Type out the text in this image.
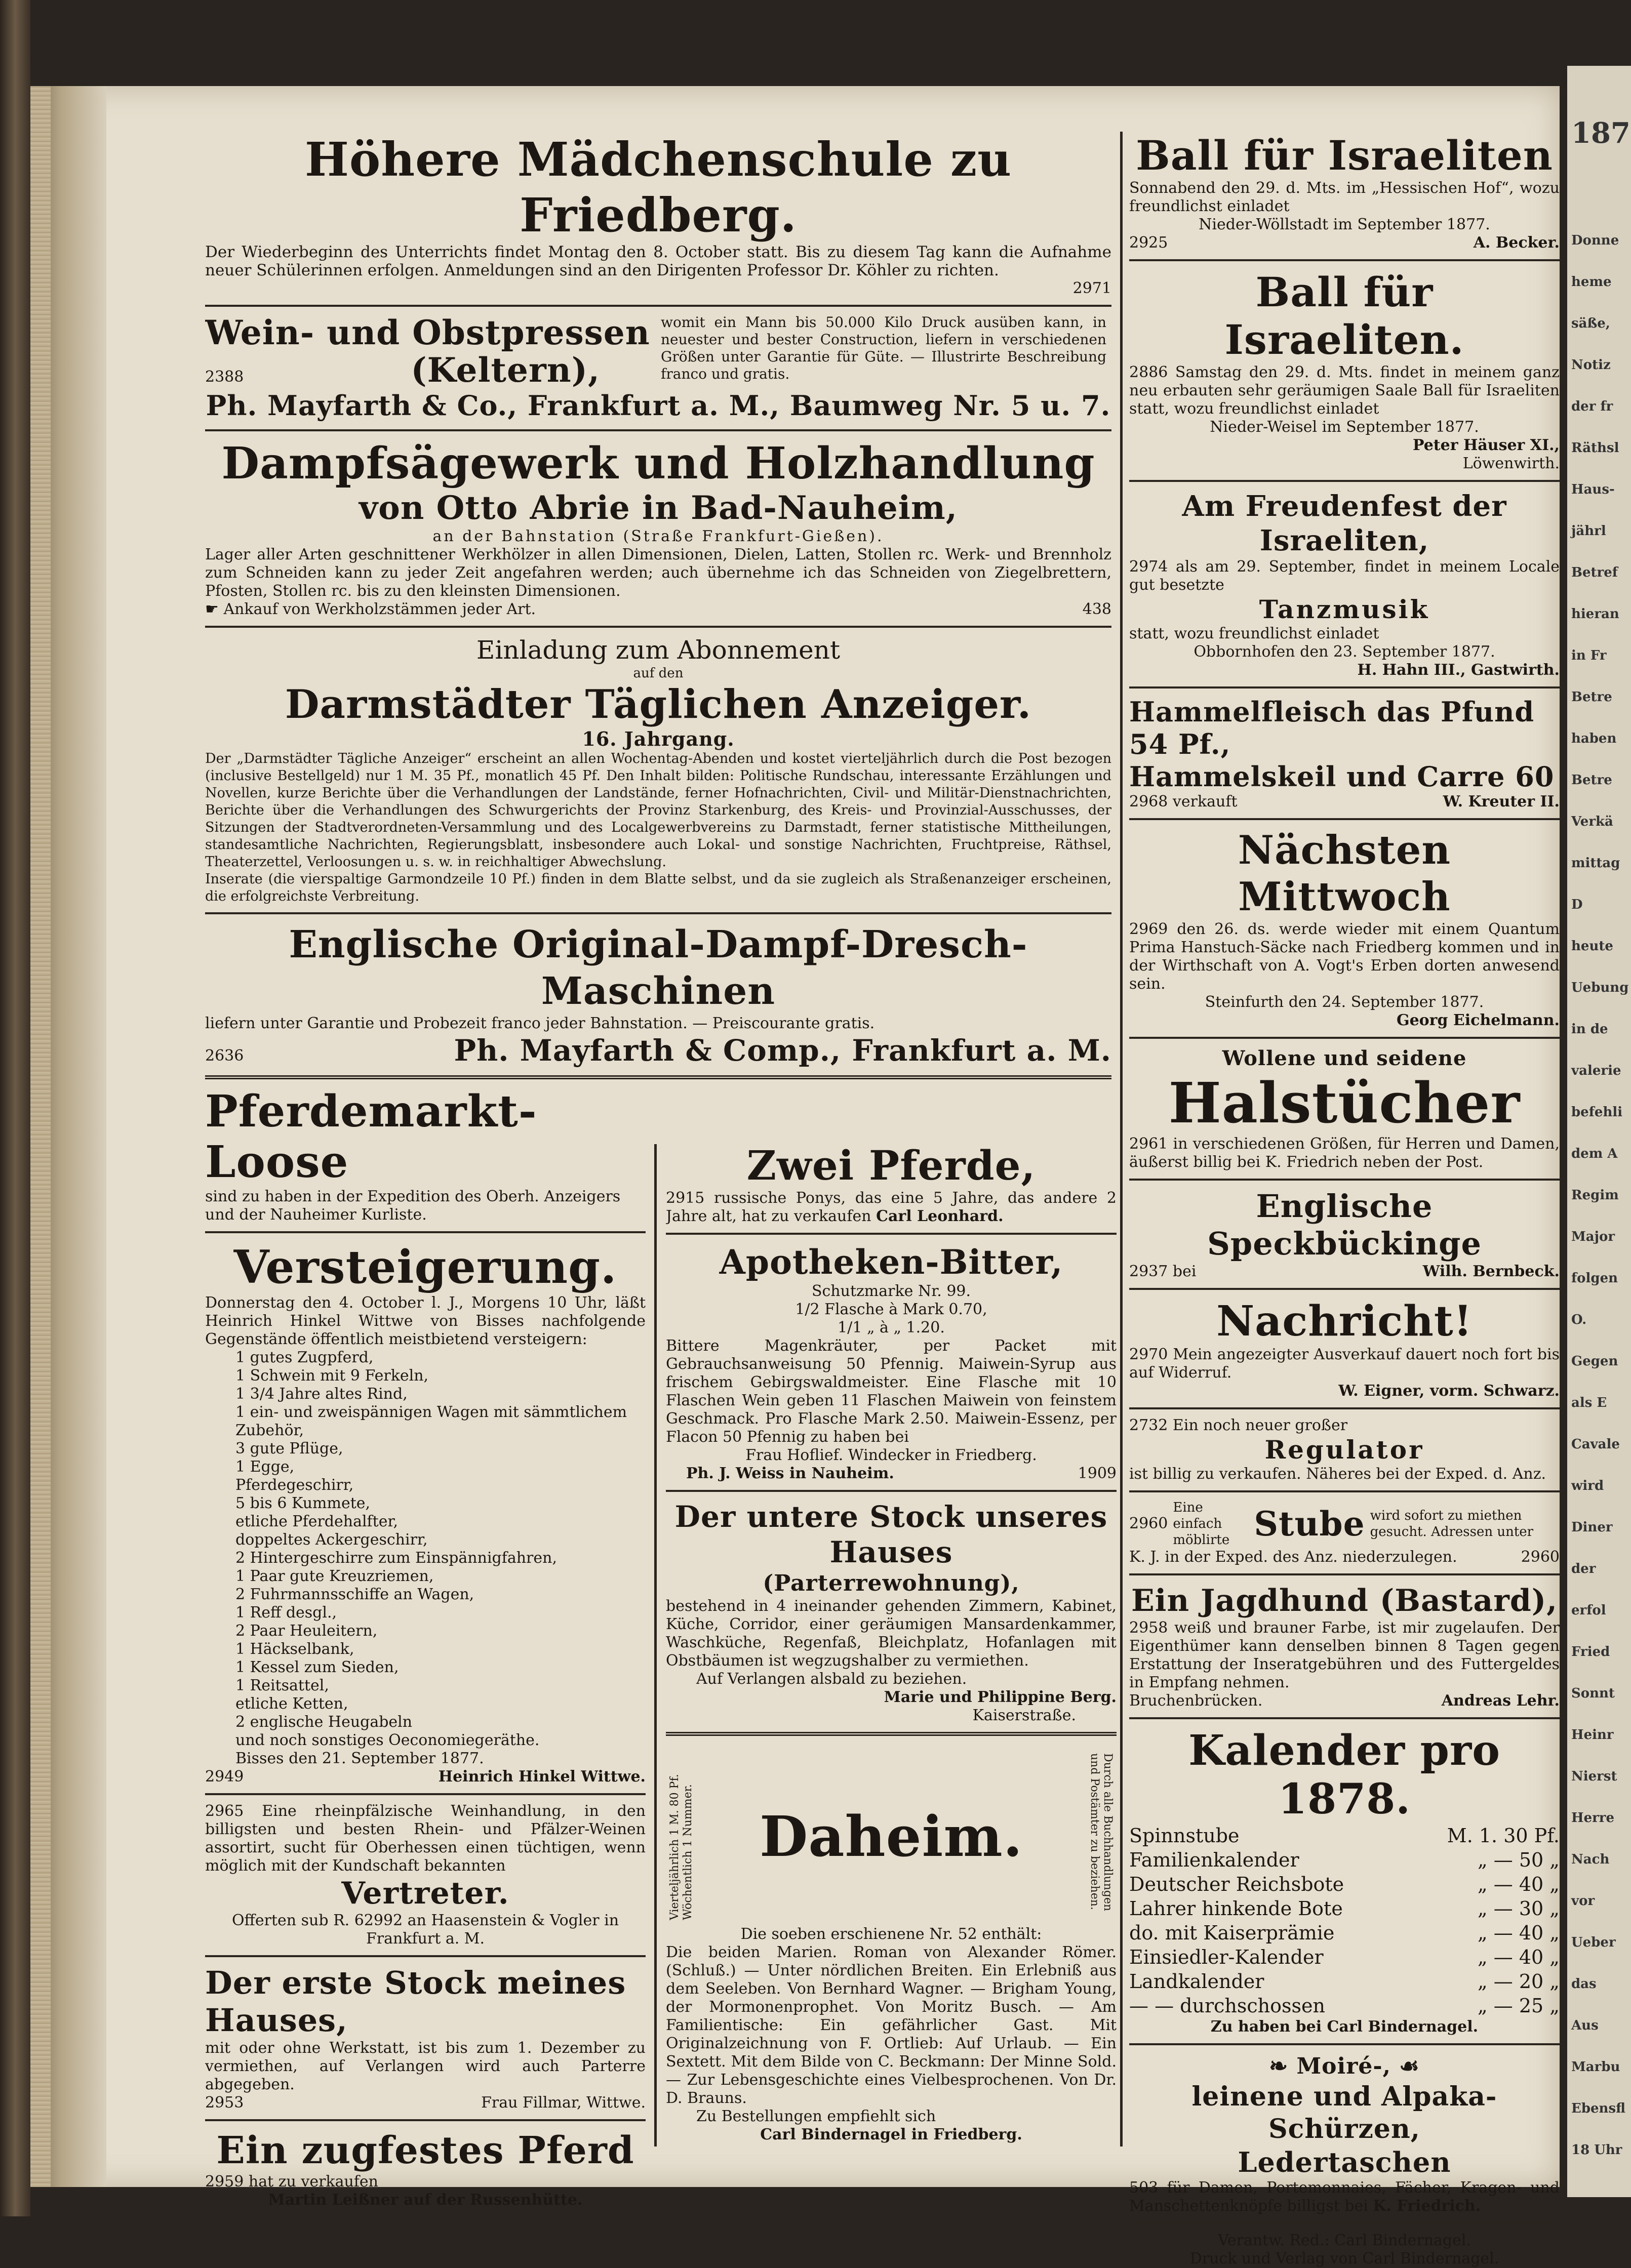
187
Donne
heme
säße,
Notiz
der fr
Räthsl
Haus-
jährl
Betref
hieran
in Fr
Betre
haben
Betre
Verkä
mittag
D
heute
Uebung
in de
valerie
befehli
dem A
Regim
Major
folgen
O.
Gegen
als E
Cavale
wird
Diner
der
erfol
Fried
Sonnt
Heinr
Nierst
Herre
Nach
vor
Ueber
das
Aus
Marbu
Ebensfl
18 Uhr
Höhere Mädchenschule zu Friedberg.
Der Wiederbeginn des Unterrichts findet Montag den 8. October statt. Bis zu diesem Tag kann die Aufnahme neuer Schülerinnen erfolgen. Anmeldungen sind an den Dirigenten Professor Dr. Köhler zu richten.
2971
Wein- und Obstpressen
2388	(Keltern),
womit ein Mann bis 50.000 Kilo Druck ausüben kann, in neuester und bester Construction, liefern in verschiedenen Größen unter Garantie für Güte. — Illustrirte Beschreibung franco und gratis.
Ph. Mayfarth & Co., Frankfurt a. M., Baumweg Nr. 5 u. 7.
Dampfsägewerk und Holzhandlung
von Otto Abrie in Bad-Nauheim,
an der Bahnstation (Straße Frankfurt-Gießen).
Lager aller Arten geschnittener Werkhölzer in allen Dimensionen, Dielen, Latten, Stollen rc. Werk- und Brennholz zum Schneiden kann zu jeder Zeit angefahren werden; auch übernehme ich das Schneiden von Ziegelbrettern, Pfosten, Stollen rc. bis zu den kleinsten Dimensionen.
☛ Ankauf von Werkholzstämmen jeder Art.	438
Einladung zum Abonnement
auf den
Darmstädter Täglichen Anzeiger.
16. Jahrgang.
Der „Darmstädter Tägliche Anzeiger“ erscheint an allen Wochentag-Abenden und kostet vierteljährlich durch die Post bezogen (inclusive Bestellgeld) nur 1 M. 35 Pf., monatlich 45 Pf. Den Inhalt bilden: Politische Rundschau, interessante Erzählungen und Novellen, kurze Berichte über die Verhandlungen der Landstände, ferner Hofnachrichten, Civil- und Militär-Dienstnachrichten, Berichte über die Verhandlungen des Schwurgerichts der Provinz Starkenburg, des Kreis- und Provinzial-Ausschusses, der Sitzungen der Stadtverordneten-Versammlung und des Localgewerbvereins zu Darmstadt, ferner statistische Mittheilungen, standesamtliche Nachrichten, Regierungsblatt, insbesondere auch Lokal- und sonstige Nachrichten, Fruchtpreise, Räthsel, Theaterzettel, Verloosungen u. s. w. in reichhaltiger Abwechslung.
Inserate (die vierspaltige Garmondzeile 10 Pf.) finden in dem Blatte selbst, und da sie zugleich als Straßenanzeiger erscheinen, die erfolgreichste Verbreitung.
Englische Original-Dampf-Dresch-Maschinen
liefern unter Garantie und Probezeit franco jeder Bahnstation. — Preiscourante gratis.
2636	Ph. Mayfarth & Comp., Frankfurt a. M.
Pferdemarkt-Loose
sind zu haben in der Expedition des Oberh. Anzeigers und der Nauheimer Kurliste.
Versteigerung.
Donnerstag den 4. October l. J., Morgens 10 Uhr, läßt Heinrich Hinkel Wittwe von Bisses nachfolgende Gegenstände öffentlich meistbietend versteigern:
1 gutes Zugpferd,
1 Schwein mit 9 Ferkeln,
1 3/4 Jahre altes Rind,
1 ein- und zweispännigen Wagen mit sämmtlichem
Zubehör,
3 gute Pflüge,
1 Egge,
Pferdegeschirr,
5 bis 6 Kummete,
etliche Pferdehalfter,
doppeltes Ackergeschirr,
2 Hintergeschirre zum Einspännigfahren,
1 Paar gute Kreuzriemen,
2 Fuhrmannsschiffe an Wagen,
1 Reff desgl.,
2 Paar Heuleitern,
1 Häckselbank,
1 Kessel zum Sieden,
1 Reitsattel,
etliche Ketten,
2 englische Heugabeln
und noch sonstiges Oeconomiegeräthe.
Bisses den 21. September 1877.
2949	Heinrich Hinkel Wittwe.
2965 Eine rheinpfälzische Weinhandlung, in den billigsten und besten Rhein- und Pfälzer-Weinen assortirt, sucht für Oberhessen einen tüchtigen, wenn möglich mit der Kundschaft bekannten
Vertreter.
Offerten sub R. 62992 an Haasenstein & Vogler in Frankfurt a. M.
Der erste Stock meines Hauses,
mit oder ohne Werkstatt, ist bis zum 1. Dezember zu vermiethen, auf Verlangen wird auch Parterre abgegeben.
2953	Frau Fillmar, Wittwe.
Ein zugfestes Pferd
2959 hat zu verkaufen
Martin Leißner auf der Russenhütte.
Zwei Pferde,
2915 russische Ponys, das eine 5 Jahre, das andere 2 Jahre alt, hat zu verkaufen Carl Leonhard.
Apotheken-Bitter,
Schutzmarke Nr. 99.
1/2 Flasche à Mark 0.70,
1/1 „ à „ 1.20.
Bittere Magenkräuter, per Packet mit Gebrauchsanweisung 50 Pfennig. Maiwein-Syrup aus frischem Gebirgswaldmeister. Eine Flasche mit 10 Flaschen Wein geben 11 Flaschen Maiwein von feinstem Geschmack. Pro Flasche Mark 2.50. Maiwein-Essenz, per Flacon 50 Pfennig zu haben bei
Frau Hoflief. Windecker in Friedberg.
Ph. J. Weiss in Nauheim.	1909
Der untere Stock unseres Hauses
(Parterrewohnung),
bestehend in 4 ineinander gehenden Zimmern, Kabinet, Küche, Corridor, einer geräumigen Mansardenkammer, Waschküche, Regenfaß, Bleichplatz, Hofanlagen mit Obstbäumen ist wegzugshalber zu vermiethen.
Auf Verlangen alsbald zu beziehen.
Marie und Philippine Berg.
Kaiserstraße.
Vierteljährlich 1 M. 80 Pf. Wöchentlich 1 Nummer.	Durch alle Buchhandlungen und Postämter zu beziehen.
Daheim.
Die soeben erschienene Nr. 52 enthält:
Die beiden Marien. Roman von Alexander Römer. (Schluß.) — Unter nördlichen Breiten. Ein Erlebniß aus dem Seeleben. Von Bernhard Wagner. — Brigham Young, der Mormonenprophet. Von Moritz Busch. — Am Familientische: Ein gefährlicher Gast. Mit Originalzeichnung von F. Ortlieb: Auf Urlaub. — Ein Sextett. Mit dem Bilde von C. Beckmann: Der Minne Sold. — Zur Lebensgeschichte eines Vielbesprochenen. Von Dr. D. Brauns.
Zu Bestellungen empfiehlt sich
Carl Bindernagel in Friedberg.
Ball für Israeliten
Sonnabend den 29. d. Mts. im „Hessischen Hof“, wozu freundlichst einladet
Nieder-Wöllstadt im September 1877.
2925	A. Becker.
Ball für Israeliten.
2886 Samstag den 29. d. Mts. findet in meinem ganz neu erbauten sehr geräumigen Saale Ball für Israeliten statt, wozu freundlichst einladet
Nieder-Weisel im September 1877.
Peter Häuser XI.,
Löwenwirth.
Am Freudenfest der Israeliten,
2974 als am 29. September, findet in meinem Locale gut besetzte
Tanzmusik
statt, wozu freundlichst einladet
Obbornhofen den 23. September 1877.
H. Hahn III., Gastwirth.
Hammelfleisch das Pfund 54 Pf.,
Hammelskeil und Carre 60
2968 verkauft	W. Kreuter II.
Nächsten Mittwoch
2969 den 26. ds. werde wieder mit einem Quantum Prima Hanstuch-Säcke nach Friedberg kommen und in der Wirthschaft von A. Vogt's Erben dorten anwesend sein.
Steinfurth den 24. September 1877.
Georg Eichelmann.
Wollene und seidene
Halstücher
2961 in verschiedenen Größen, für Herren und Damen, äußerst billig bei K. Friedrich neben der Post.
Englische Speckbückinge
2937 bei	Wilh. Bernbeck.
Nachricht!
2970 Mein angezeigter Ausverkauf dauert noch fort bis auf Widerruf.
W. Eigner, vorm. Schwarz.
2732 Ein noch neuer großer
Regulator
ist billig zu verkaufen. Näheres bei der Exped. d. Anz.
2960
Eine einfach möblirte Stube wird sofort zu miethen gesucht. Adressen unter
K. J. in der Exped. des Anz. niederzulegen.	2960
Ein Jagdhund (Bastard),
2958 weiß und brauner Farbe, ist mir zugelaufen. Der Eigenthümer kann denselben binnen 8 Tagen gegen Erstattung der Inseratgebühren und des Futtergeldes in Empfang nehmen.
Bruchenbrücken.	Andreas Lehr.
Kalender pro 1878.
Spinnstube	M. 1. 30 Pf.
Familienkalender	„ — 50 „
Deutscher Reichsbote	„ — 40 „
Lahrer hinkende Bote	„ — 30 „
do. mit Kaiserprämie	„ — 40 „
Einsiedler-Kalender	„ — 40 „
Landkalender	„ — 20 „
— — durchschossen	„ — 25 „
Zu haben bei Carl Bindernagel.
❧ Moiré-, ☙
leinene und Alpaka-Schürzen,
Ledertaschen
503 für Damen, Portemonnaies, Fächer, Kragen- und Manschettenknöpfe billigst bei K. Friedrich.
Verantw. Red.: Carl Bindernagel.
Druck und Verlag von Carl Bindernagel.
